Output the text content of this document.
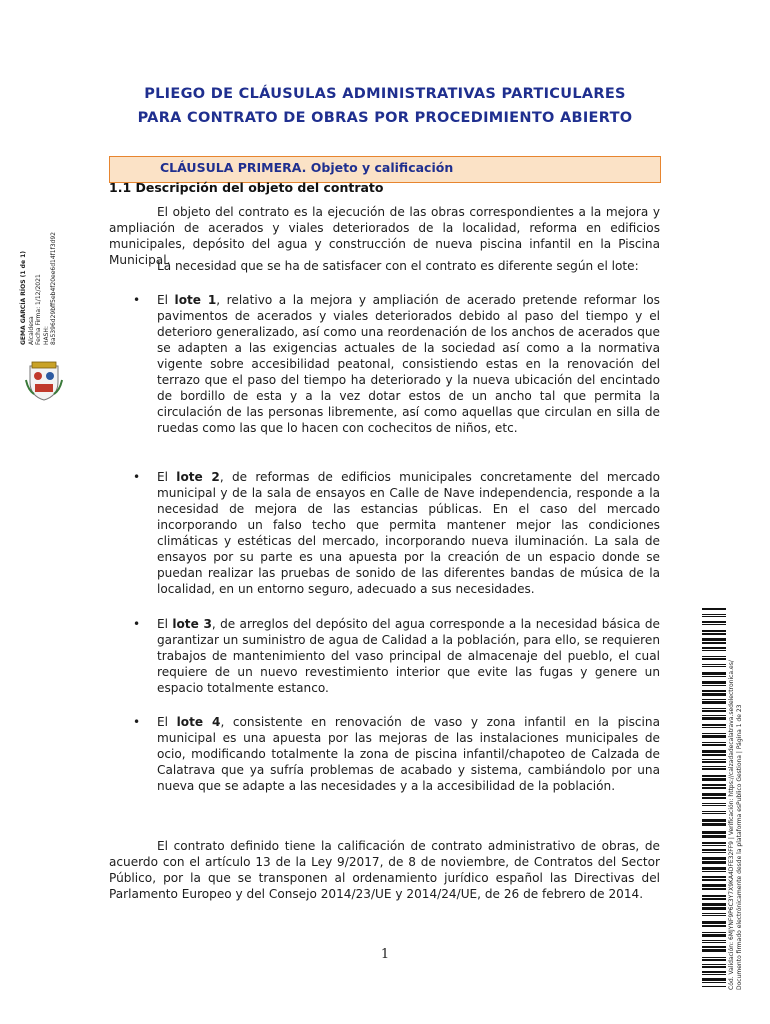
PLIEGO DE CLÁUSULAS ADMINISTRATIVAS PARTICULARES
PARA CONTRATO DE OBRAS POR PROCEDIMIENTO ABIERTO
CLÁUSULA PRIMERA. Objeto y calificación
1.1 Descripción del objeto del contrato
El objeto del contrato es la ejecución de las obras correspondientes a la mejora y ampliación de acerados y viales deteriorados de la localidad, reforma en edificios municipales, depósito del agua y construcción de nueva piscina infantil en la Piscina Municipal.
La necesidad que se ha de satisfacer con el contrato es diferente según el lote:
• El lote 1, relativo a la mejora y ampliación de acerado pretende reformar los pavimentos de acerados y viales deteriorados debido al paso del tiempo y el deterioro generalizado, así como una reordenación de los anchos de acerados que se adapten a las exigencias actuales de la sociedad así como a la normativa vigente sobre accesibilidad peatonal, consistiendo estas en la renovación del terrazo que el paso del tiempo ha deteriorado y la nueva ubicación del encintado de bordillo de esta y a la vez dotar estos de un ancho tal que permita la circulación de las personas libremente, así como aquellas que circulan en silla de ruedas como las que lo hacen con cochecitos de niños, etc.
• El lote 2, de reformas de edificios municipales concretamente del mercado municipal y de la sala de ensayos en Calle de Nave independencia, responde a la necesidad de mejora de las estancias públicas. En el caso del mercado incorporando un falso techo que permita mantener mejor las condiciones climáticas y estéticas del mercado, incorporando nueva iluminación. La sala de ensayos por su parte es una apuesta por la creación de un espacio donde se puedan realizar las pruebas de sonido de las diferentes bandas de música de la localidad, en un entorno seguro, adecuado a sus necesidades.
• El lote 3, de arreglos del depósito del agua corresponde a la necesidad básica de garantizar un suministro de agua de Calidad a la población, para ello, se requieren trabajos de mantenimiento del vaso principal de almacenaje del pueblo, el cual requiere de un nuevo revestimiento interior que evite las fugas y genere un espacio totalmente estanco.
• El lote 4, consistente en renovación de vaso y zona infantil en la piscina municipal es una apuesta por las mejoras de las instalaciones municipales de ocio, modificando totalmente la zona de piscina infantil/chapoteo de Calzada de Calatrava que ya sufría problemas de acabado y sistema, cambiándolo por una nueva que se adapte a las necesidades y a la accesibilidad de la población.
El contrato definido tiene la calificación de contrato administrativo de obras, de acuerdo con el artículo 13 de la Ley 9/2017, de 8 de noviembre, de Contratos del Sector Público, por la que se transponen al ordenamiento jurídico español las Directivas del Parlamento Europeo y del Consejo 2014/23/UE y 2014/24/UE, de 26 de febrero de 2014.
1
GEMA GARCÍA RÍOS (1 de 1) Alcaldesa Fecha Firma: 1/12/2021 HASH: 8a5396d29bff5eb4f20ee6d14f1f3d92
Cód. Validación: 6MJYNF9P6C3Y7X9KA4DFE32FF9 | Verificación: https://calzadadecalatrava.sedelectronica.es/ Documento firmado electrónicamente desde la plataforma esPublico Gestiona | Página 1 de 23
